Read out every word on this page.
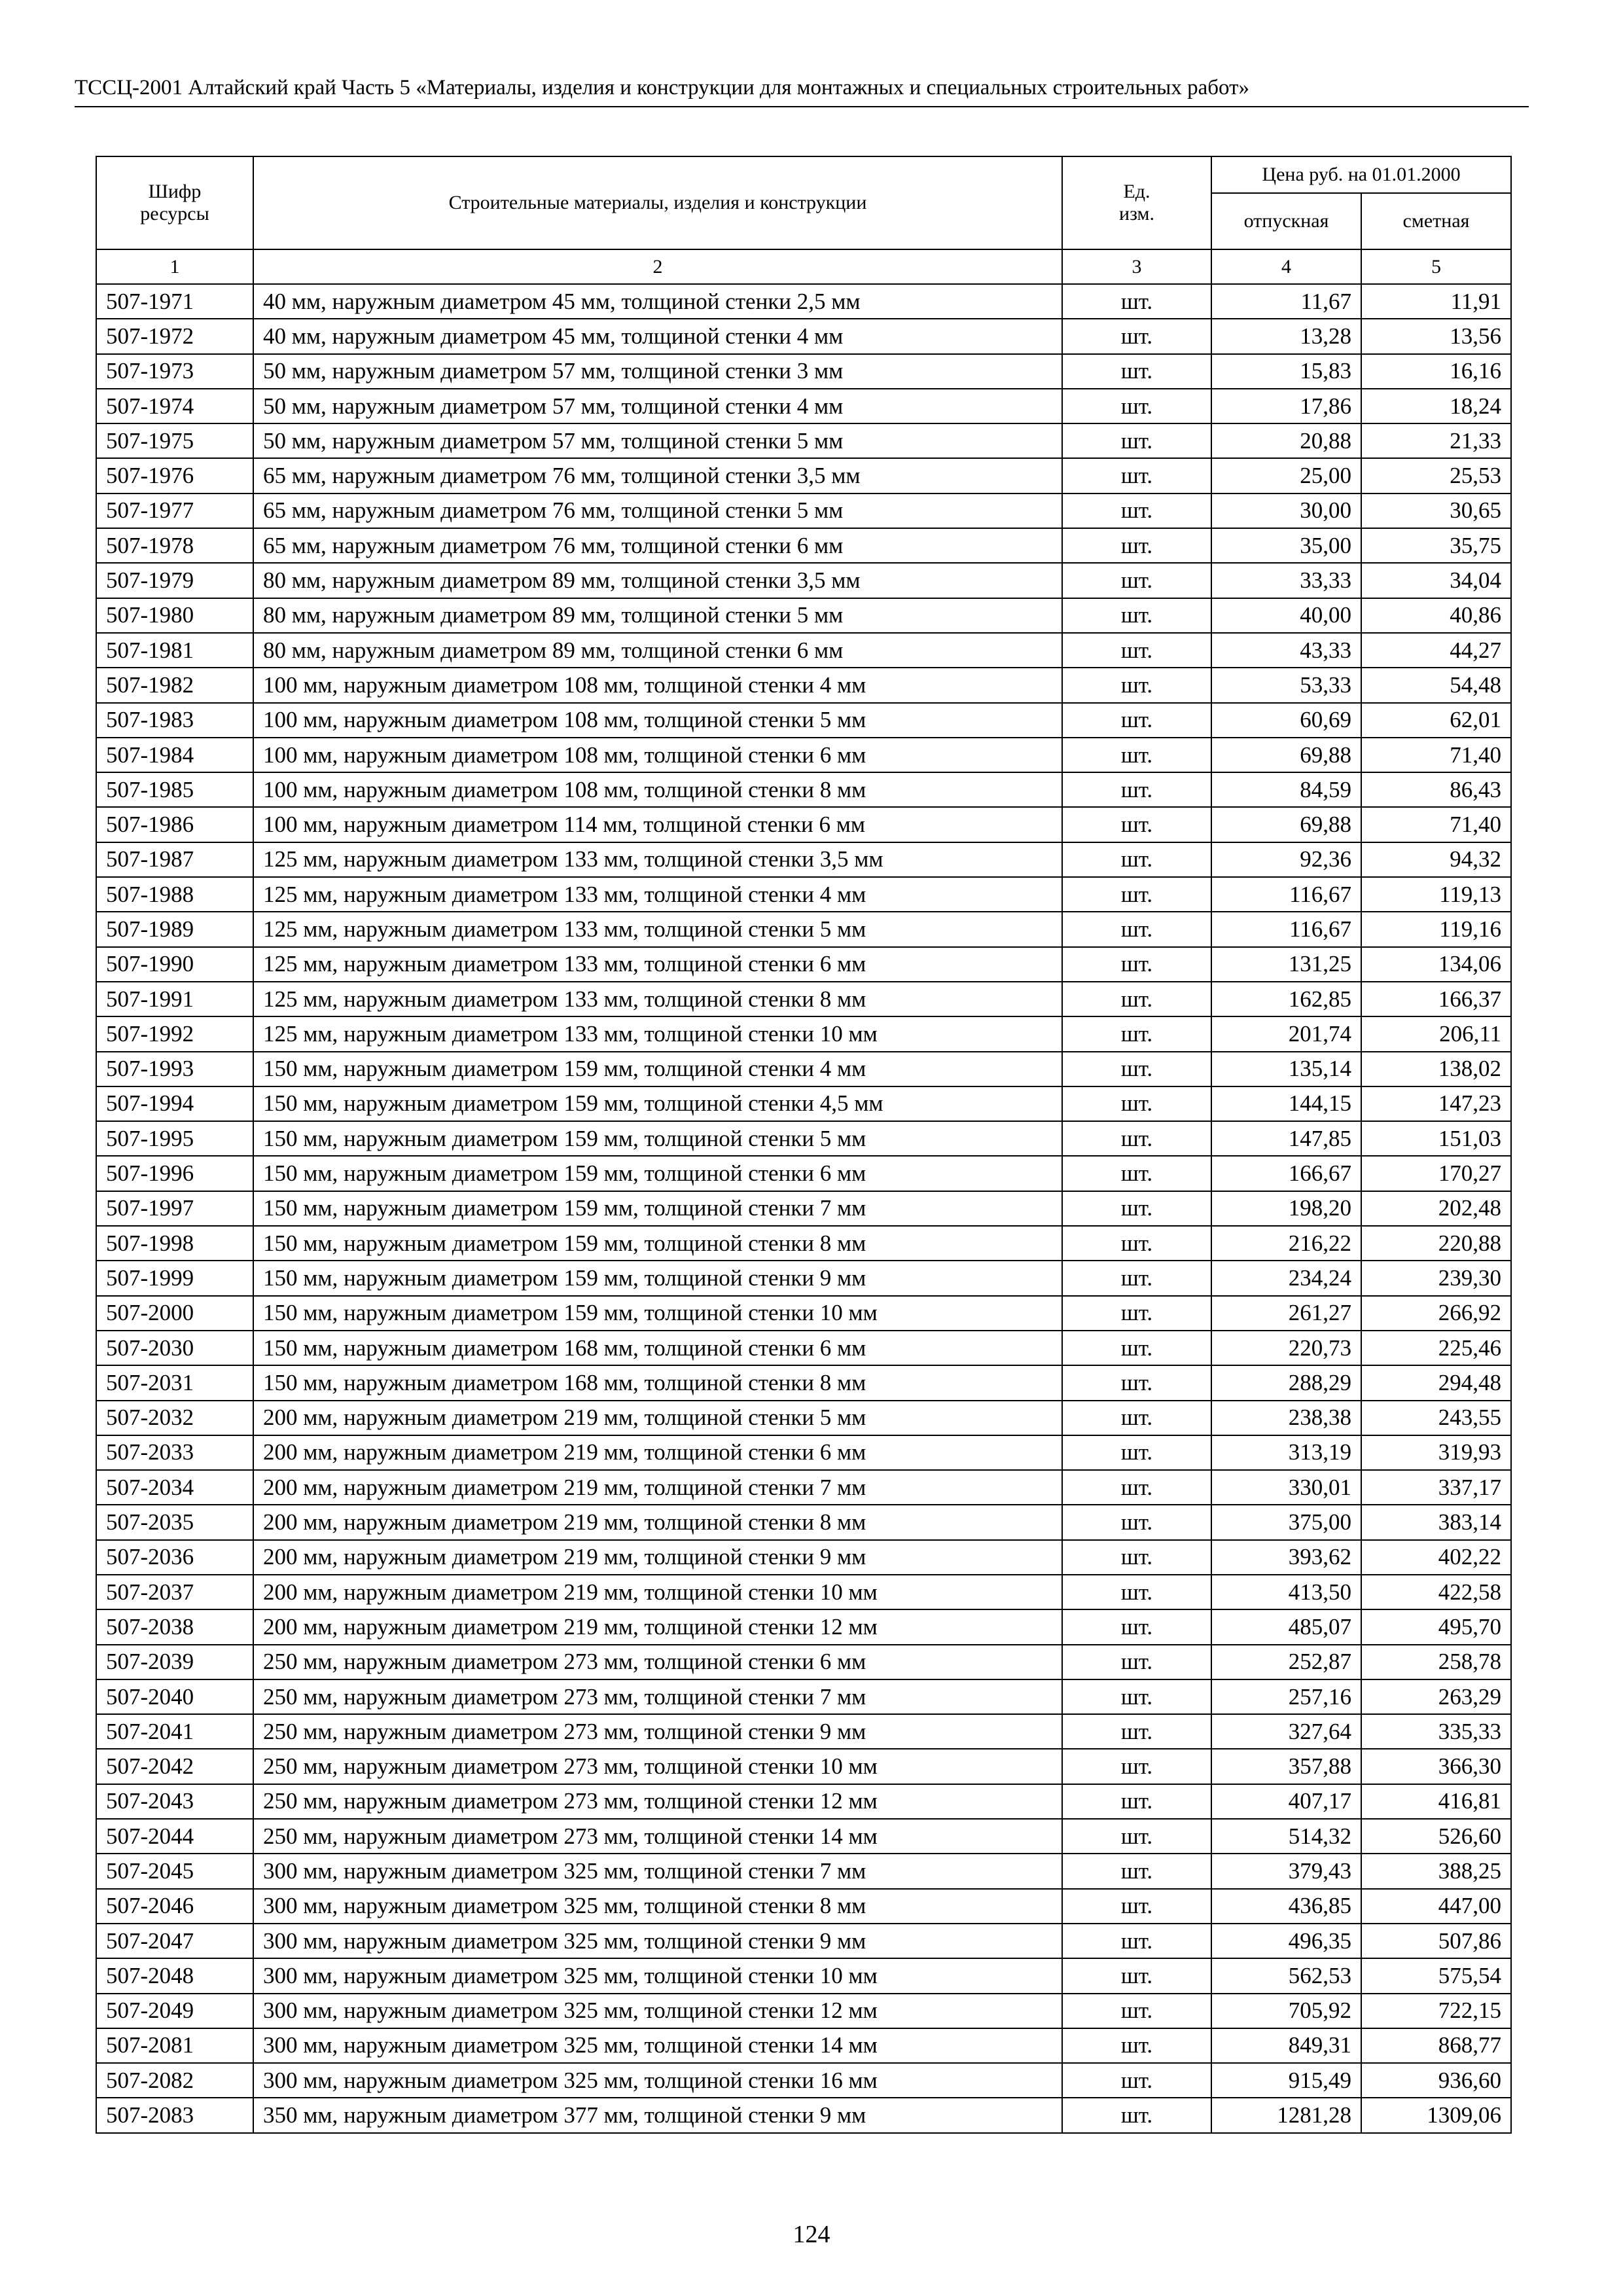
ТССЦ-2001 Алтайский край Часть 5 «Материалы, изделия и конструкции для монтажных и специальных строительных работ»
Шифр ресурсы	Строительные материалы, изделия и конструкции	Ед. изм.	Цена руб. на 01.01.2000	
			отпускная	сметная
1	2	3	4	5
507-1971	40 мм, наружным диаметром 45 мм, толщиной стенки 2,5 мм	шт.	11,67	11,91
507-1972	40 мм, наружным диаметром 45 мм, толщиной стенки 4 мм	шт.	13,28	13,56
507-1973	50 мм, наружным диаметром 57 мм, толщиной стенки 3 мм	шт.	15,83	16,16
507-1974	50 мм, наружным диаметром 57 мм, толщиной стенки 4 мм	шт.	17,86	18,24
507-1975	50 мм, наружным диаметром 57 мм, толщиной стенки 5 мм	шт.	20,88	21,33
507-1976	65 мм, наружным диаметром 76 мм, толщиной стенки 3,5 мм	шт.	25,00	25,53
507-1977	65 мм, наружным диаметром 76 мм, толщиной стенки 5 мм	шт.	30,00	30,65
507-1978	65 мм, наружным диаметром 76 мм, толщиной стенки 6 мм	шт.	35,00	35,75
507-1979	80 мм, наружным диаметром 89 мм, толщиной стенки 3,5 мм	шт.	33,33	34,04
507-1980	80 мм, наружным диаметром 89 мм, толщиной стенки 5 мм	шт.	40,00	40,86
507-1981	80 мм, наружным диаметром 89 мм, толщиной стенки 6 мм	шт.	43,33	44,27
507-1982	100 мм, наружным диаметром 108 мм, толщиной стенки 4 мм	шт.	53,33	54,48
507-1983	100 мм, наружным диаметром 108 мм, толщиной стенки 5 мм	шт.	60,69	62,01
507-1984	100 мм, наружным диаметром 108 мм, толщиной стенки 6 мм	шт.	69,88	71,40
507-1985	100 мм, наружным диаметром 108 мм, толщиной стенки 8 мм	шт.	84,59	86,43
507-1986	100 мм, наружным диаметром 114 мм, толщиной стенки 6 мм	шт.	69,88	71,40
507-1987	125 мм, наружным диаметром 133 мм, толщиной стенки 3,5 мм	шт.	92,36	94,32
507-1988	125 мм, наружным диаметром 133 мм, толщиной стенки 4 мм	шт.	116,67	119,13
507-1989	125 мм, наружным диаметром 133 мм, толщиной стенки 5 мм	шт.	116,67	119,16
507-1990	125 мм, наружным диаметром 133 мм, толщиной стенки 6 мм	шт.	131,25	134,06
507-1991	125 мм, наружным диаметром 133 мм, толщиной стенки 8 мм	шт.	162,85	166,37
507-1992	125 мм, наружным диаметром 133 мм, толщиной стенки 10 мм	шт.	201,74	206,11
507-1993	150 мм, наружным диаметром 159 мм, толщиной стенки 4 мм	шт.	135,14	138,02
507-1994	150 мм, наружным диаметром 159 мм, толщиной стенки 4,5 мм	шт.	144,15	147,23
507-1995	150 мм, наружным диаметром 159 мм, толщиной стенки 5 мм	шт.	147,85	151,03
507-1996	150 мм, наружным диаметром 159 мм, толщиной стенки 6 мм	шт.	166,67	170,27
507-1997	150 мм, наружным диаметром 159 мм, толщиной стенки 7 мм	шт.	198,20	202,48
507-1998	150 мм, наружным диаметром 159 мм, толщиной стенки 8 мм	шт.	216,22	220,88
507-1999	150 мм, наружным диаметром 159 мм, толщиной стенки 9 мм	шт.	234,24	239,30
507-2000	150 мм, наружным диаметром 159 мм, толщиной стенки 10 мм	шт.	261,27	266,92
507-2030	150 мм, наружным диаметром 168 мм, толщиной стенки 6 мм	шт.	220,73	225,46
507-2031	150 мм, наружным диаметром 168 мм, толщиной стенки 8 мм	шт.	288,29	294,48
507-2032	200 мм, наружным диаметром 219 мм, толщиной стенки 5 мм	шт.	238,38	243,55
507-2033	200 мм, наружным диаметром 219 мм, толщиной стенки 6 мм	шт.	313,19	319,93
507-2034	200 мм, наружным диаметром 219 мм, толщиной стенки 7 мм	шт.	330,01	337,17
507-2035	200 мм, наружным диаметром 219 мм, толщиной стенки 8 мм	шт.	375,00	383,14
507-2036	200 мм, наружным диаметром 219 мм, толщиной стенки 9 мм	шт.	393,62	402,22
507-2037	200 мм, наружным диаметром 219 мм, толщиной стенки 10 мм	шт.	413,50	422,58
507-2038	200 мм, наружным диаметром 219 мм, толщиной стенки 12 мм	шт.	485,07	495,70
507-2039	250 мм, наружным диаметром 273 мм, толщиной стенки 6 мм	шт.	252,87	258,78
507-2040	250 мм, наружным диаметром 273 мм, толщиной стенки 7 мм	шт.	257,16	263,29
507-2041	250 мм, наружным диаметром 273 мм, толщиной стенки 9 мм	шт.	327,64	335,33
507-2042	250 мм, наружным диаметром 273 мм, толщиной стенки 10 мм	шт.	357,88	366,30
507-2043	250 мм, наружным диаметром 273 мм, толщиной стенки 12 мм	шт.	407,17	416,81
507-2044	250 мм, наружным диаметром 273 мм, толщиной стенки 14 мм	шт.	514,32	526,60
507-2045	300 мм, наружным диаметром 325 мм, толщиной стенки 7 мм	шт.	379,43	388,25
507-2046	300 мм, наружным диаметром 325 мм, толщиной стенки 8 мм	шт.	436,85	447,00
507-2047	300 мм, наружным диаметром 325 мм, толщиной стенки 9 мм	шт.	496,35	507,86
507-2048	300 мм, наружным диаметром 325 мм, толщиной стенки 10 мм	шт.	562,53	575,54
507-2049	300 мм, наружным диаметром 325 мм, толщиной стенки 12 мм	шт.	705,92	722,15
507-2081	300 мм, наружным диаметром 325 мм, толщиной стенки 14 мм	шт.	849,31	868,77
507-2082	300 мм, наружным диаметром 325 мм, толщиной стенки 16 мм	шт.	915,49	936,60
507-2083	350 мм, наружным диаметром 377 мм, толщиной стенки 9 мм	шт.	1281,28	1309,06
124
